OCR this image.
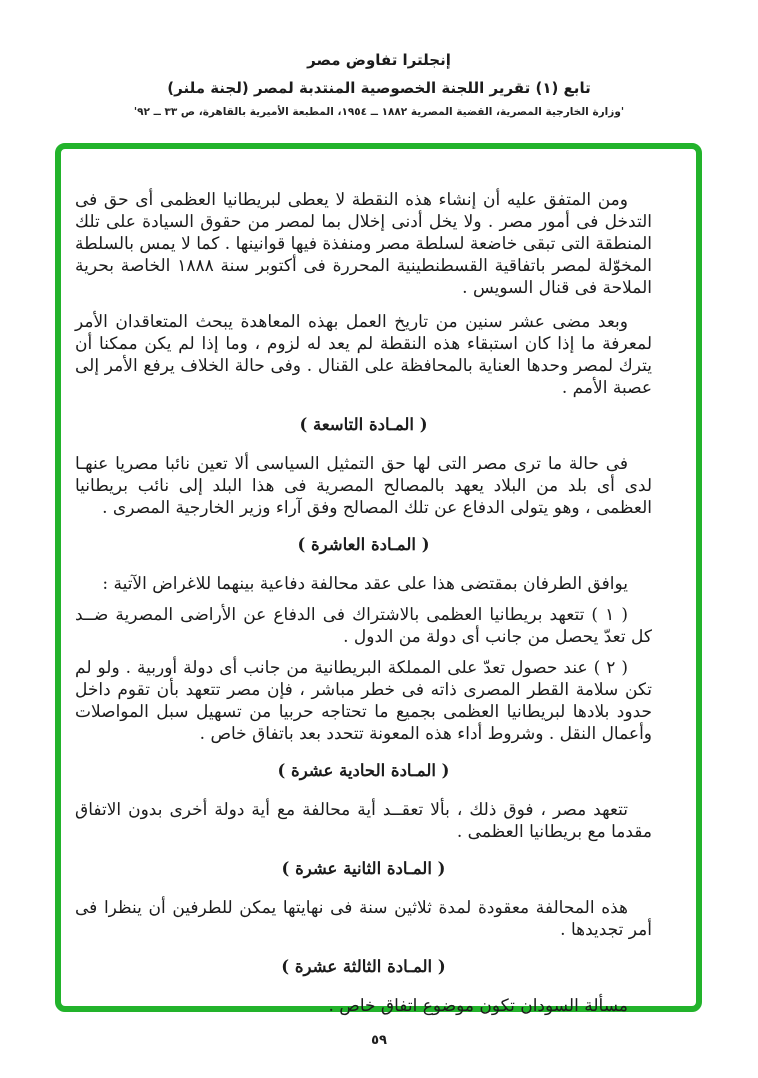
إنجلترا تفاوض مصر

تابع (١) تقرير اللجنة الخصوصية المنتدبة لمصر (لجنة ملنر)

'وزارة الخارجية المصرية، القضية المصرية ١٨٨٢ ــ ١٩٥٤، المطبعة الأميرية بالقاهرة، ص ٣٣ ــ ٩٢'

ومن المتفق عليه أن إنشاء هذه النقطة لا يعطى لبريطانيا العظمى أى حق فى التدخل فى أمور مصر . ولا يخل أدنى إخلال بما لمصر من حقوق السيادة على تلك المنطقة التى تبقى خاضعة لسلطة مصر ومنفذة فيها قوانينها . كما لا يمس بالسلطة المخوّلة لمصر باتفاقية القسطنطينية المحررة فى أكتوبر سنة ١٨٨٨ الخاصة بحرية الملاحة فى قنال السويس .

وبعد مضى عشر سنين من تاريخ العمل بهذه المعاهدة يبحث المتعاقدان الأمر لمعرفة ما إذا كان استبقاء هذه النقطة لم يعد له لزوم ، وما إذا لم يكن ممكنا أن يترك لمصر وحدها العناية بالمحافظة على القنال . وفى حالة الخلاف يرفع الأمر إلى عصبة الأمم .

( المـادة التاسعة )

فى حالة ما ترى مصر التى لها حق التمثيل السياسى ألا تعين نائبا مصريا عنهـا لدى أى بلد من البلاد يعهد بالمصالح المصرية فى هذا البلد إلى نائب بريطانيا العظمى ، وهو يتولى الدفاع عن تلك المصالح وفق آراء وزير الخارجية المصرى .

( المـادة العاشرة )

يوافق الطرفان بمقتضى هذا على عقد محالفة دفاعية بينهما للاغراض الآتية :

( ١ ) تتعهد بريطانيا العظمى بالاشتراك فى الدفاع عن الأراضى المصرية ضــد كل تعدّ يحصل من جانب أى دولة من الدول .

( ٢ ) عند حصول تعدّ على المملكة البريطانية من جانب أى دولة أوربية . ولو لم تكن سلامة القطر المصرى ذاته فى خطر مباشر ، فإن مصر تتعهد بأن تقوم داخل حدود بلادها لبريطانيا العظمى بجميع ما تحتاجه حربيا من تسهيل سبل المواصلات وأعمال النقل . وشروط أداء هذه المعونة تتحدد بعد باتفاق خاص .

( المـادة الحادية عشرة )

تتعهد مصر ، فوق ذلك ، بألا تعقــد أية محالفة مع أية دولة أخرى بدون الاتفاق مقدما مع بريطانيا العظمى .

( المـادة الثانية عشرة )

هذه المحالفة معقودة لمدة ثلاثين سنة فى نهايتها يمكن للطرفين أن ينظرا فى أمر تجديدها .

( المـادة الثالثة عشرة )

مسألة السودان تكون موضوع اتفاق خاص .

٥٩
